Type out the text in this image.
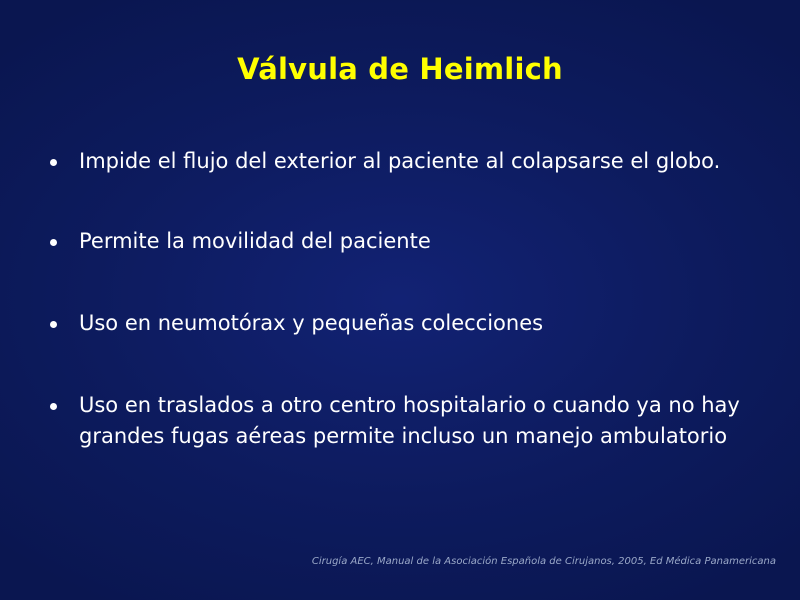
Válvula de Heimlich
Impide el flujo del exterior al paciente al colapsarse el globo.
Permite la movilidad del paciente
Uso en neumotórax y pequeñas colecciones
Uso en traslados a otro centro hospitalario o cuando ya no hay grandes fugas aéreas permite incluso un manejo ambulatorio
Cirugía AEC, Manual de la Asociación Española de Cirujanos, 2005, Ed Médica Panamericana
